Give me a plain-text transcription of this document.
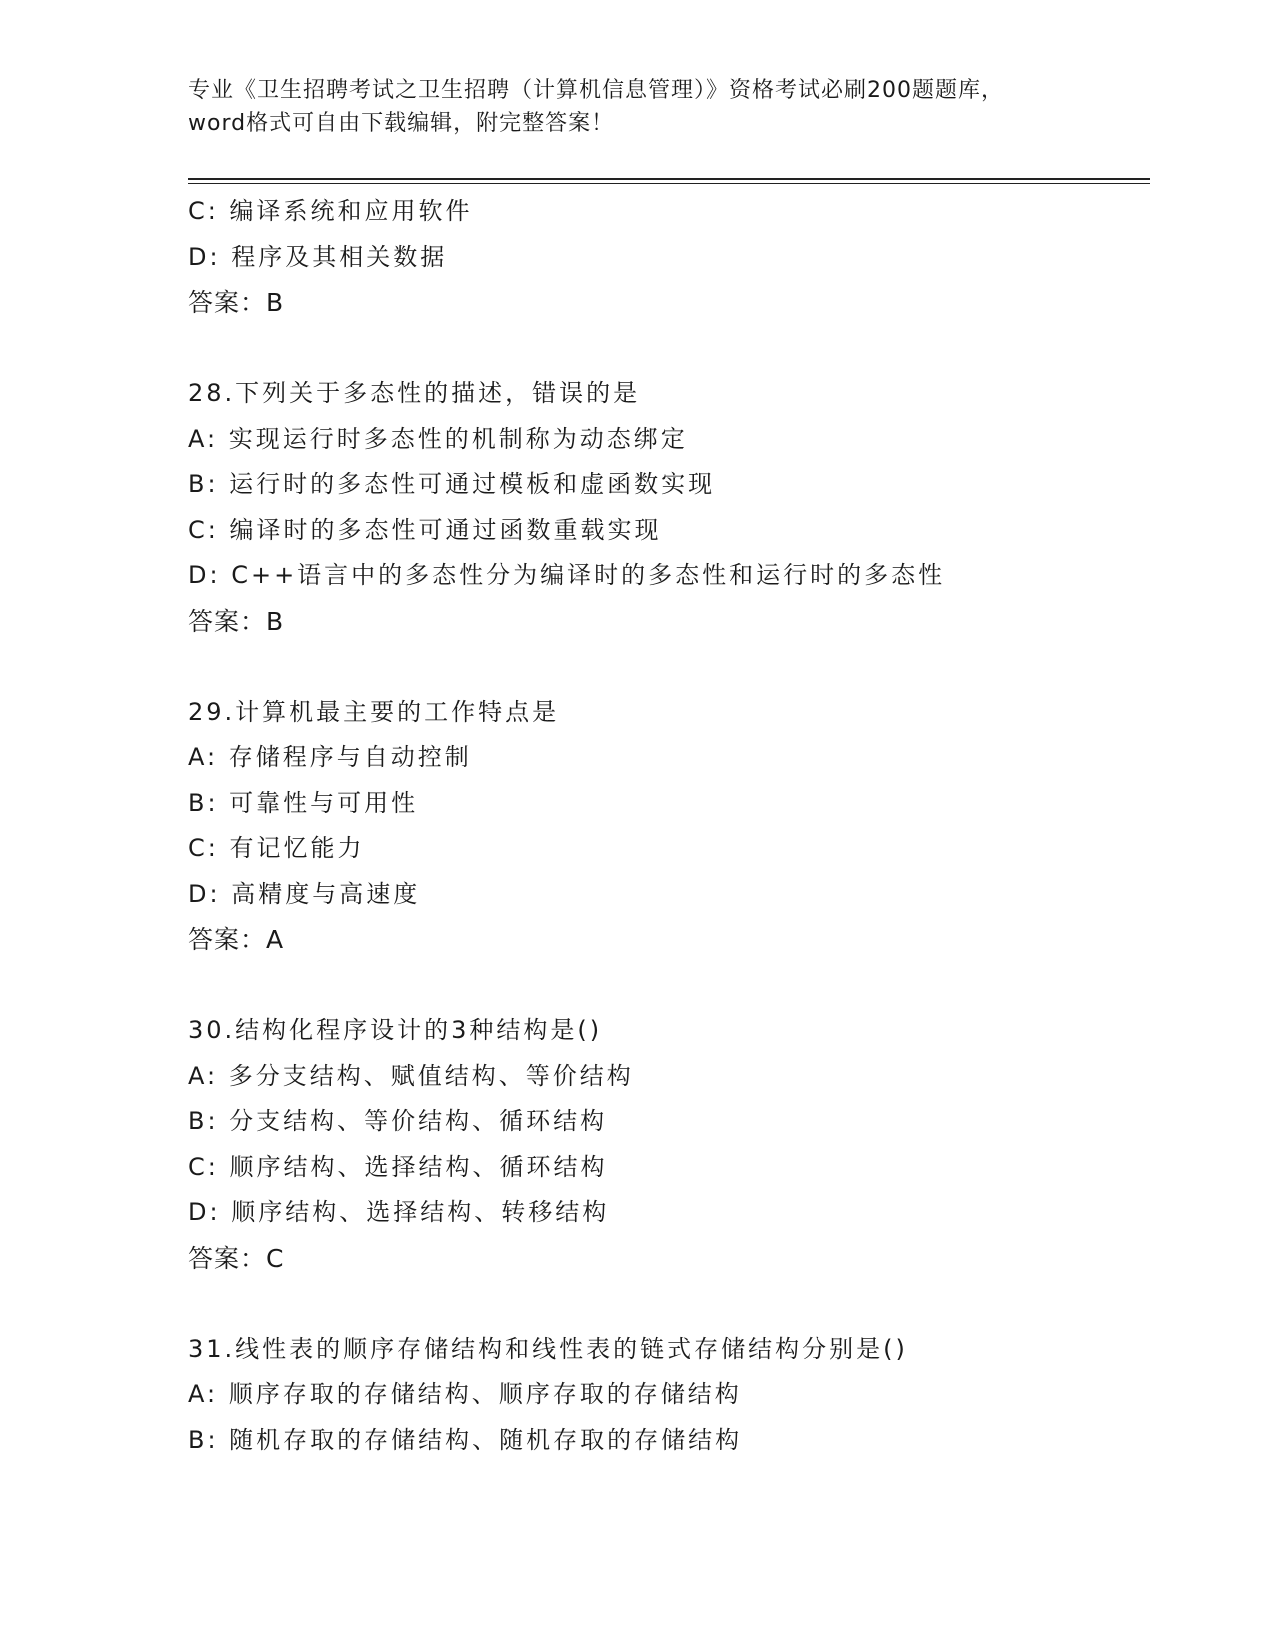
专业《卫生招聘考试之卫生招聘（计算机信息管理）》资格考试必刷200题题库，
word格式可自由下载编辑，附完整答案！
C: 编译系统和应用软件
D: 程序及其相关数据
答案：B
28.下列关于多态性的描述，错误的是
A: 实现运行时多态性的机制称为动态绑定
B: 运行时的多态性可通过模板和虚函数实现
C: 编译时的多态性可通过函数重载实现
D: C++语言中的多态性分为编译时的多态性和运行时的多态性
答案：B
29.计算机最主要的工作特点是
A: 存储程序与自动控制
B: 可靠性与可用性
C: 有记忆能力
D: 高精度与高速度
答案：A
30.结构化程序设计的3种结构是()
A: 多分支结构、赋值结构、等价结构
B: 分支结构、等价结构、循环结构
C: 顺序结构、选择结构、循环结构
D: 顺序结构、选择结构、转移结构
答案：C
31.线性表的顺序存储结构和线性表的链式存储结构分别是()
A: 顺序存取的存储结构、顺序存取的存储结构
B: 随机存取的存储结构、随机存取的存储结构
